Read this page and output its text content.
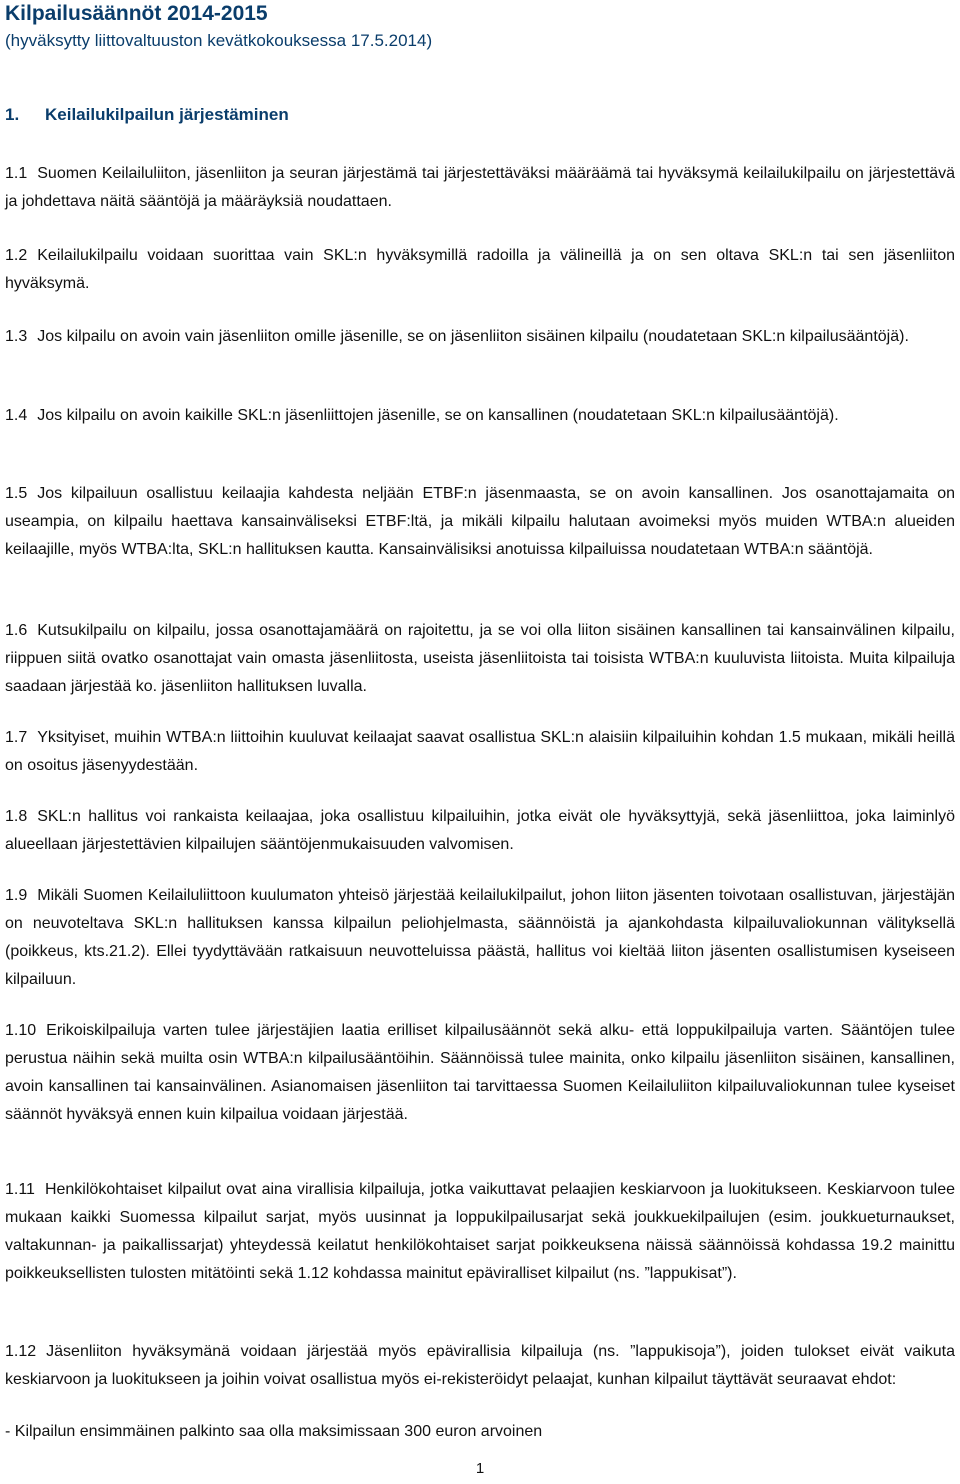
Kilpailusäännöt 2014-2015
(hyväksytty liittovaltuuston kevätkokouksessa 17.5.2014)
1. Keilailukilpailun järjestäminen
1.1 Suomen Keilailuliiton, jäsenliiton ja seuran järjestämä tai järjestettäväksi määräämä tai hyväksymä keilailukilpailu on järjestettävä ja johdettava näitä sääntöjä ja määräyksiä noudattaen.
1.2 Keilailukilpailu voidaan suorittaa vain SKL:n hyväksymillä radoilla ja välineillä ja on sen oltava SKL:n tai sen jäsenliiton hyväksymä.
1.3 Jos kilpailu on avoin vain jäsenliiton omille jäsenille, se on jäsenliiton sisäinen kilpailu (noudatetaan SKL:n kilpailusääntöjä).
1.4 Jos kilpailu on avoin kaikille SKL:n jäsenliittojen jäsenille, se on kansallinen (noudatetaan SKL:n kilpailusääntöjä).
1.5 Jos kilpailuun osallistuu keilaajia kahdesta neljään ETBF:n jäsenmaasta, se on avoin kansallinen. Jos osanottajamaita on useampia, on kilpailu haettava kansainväliseksi ETBF:ltä, ja mikäli kilpailu halutaan avoimeksi myös muiden WTBA:n alueiden keilaajille, myös WTBA:lta, SKL:n hallituksen kautta. Kansainvälisiksi anotuissa kilpailuissa noudatetaan WTBA:n sääntöjä.
1.6 Kutsukilpailu on kilpailu, jossa osanottajamäärä on rajoitettu, ja se voi olla liiton sisäinen kansallinen tai kansainvälinen kilpailu, riippuen siitä ovatko osanottajat vain omasta jäsenliitosta, useista jäsenliitoista tai toisista WTBA:n kuuluvista liitoista. Muita kilpailuja saadaan järjestää ko. jäsenliiton hallituksen luvalla.
1.7 Yksityiset, muihin WTBA:n liittoihin kuuluvat keilaajat saavat osallistua SKL:n alaisiin kilpailuihin kohdan 1.5 mukaan, mikäli heillä on osoitus jäsenyydestään.
1.8 SKL:n hallitus voi rankaista keilaajaa, joka osallistuu kilpailuihin, jotka eivät ole hyväksyttyjä, sekä jäsenliittoa, joka laiminlyö alueellaan järjestettävien kilpailujen sääntöjenmukaisuuden valvomisen.
1.9 Mikäli Suomen Keilailuliittoon kuulumaton yhteisö järjestää keilailukilpailut, johon liiton jäsenten toivotaan osallistuvan, järjestäjän on neuvoteltava SKL:n hallituksen kanssa kilpailun peliohjelmasta, säännöistä ja ajankohdasta kilpailuvaliokunnan välityksellä (poikkeus, kts.21.2). Ellei tyydyttävään ratkaisuun neuvotteluissa päästä, hallitus voi kieltää liiton jäsenten osallistumisen kyseiseen kilpailuun.
1.10 Erikoiskilpailuja varten tulee järjestäjien laatia erilliset kilpailusäännöt sekä alku- että loppukilpailuja varten. Sääntöjen tulee perustua näihin sekä muilta osin WTBA:n kilpailusääntöihin. Säännöissä tulee mainita, onko kilpailu jäsenliiton sisäinen, kansallinen, avoin kansallinen tai kansainvälinen. Asianomaisen jäsenliiton tai tarvittaessa Suomen Keilailuliiton kilpailuvaliokunnan tulee kyseiset säännöt hyväksyä ennen kuin kilpailua voidaan järjestää.
1.11 Henkilökohtaiset kilpailut ovat aina virallisia kilpailuja, jotka vaikuttavat pelaajien keskiarvoon ja luokitukseen. Keskiarvoon tulee mukaan kaikki Suomessa kilpailut sarjat, myös uusinnat ja loppukilpailusarjat sekä joukkuekilpailujen (esim. joukkueturnaukset, valtakunnan- ja paikallissarjat) yhteydessä keilatut henkilökohtaiset sarjat poikkeuksena näissä säännöissä kohdassa 19.2 mainittu poikkeuksellisten tulosten mitätöinti sekä 1.12 kohdassa mainitut epäviralliset kilpailut (ns. ”lappukisat”).
1.12 Jäsenliiton hyväksymänä voidaan järjestää myös epävirallisia kilpailuja (ns. ”lappukisoja”), joiden tulokset eivät vaikuta keskiarvoon ja luokitukseen ja joihin voivat osallistua myös ei-rekisteröidyt pelaajat, kunhan kilpailut täyttävät seuraavat ehdot:
- Kilpailun ensimmäinen palkinto saa olla maksimissaan 300 euron arvoinen
1
